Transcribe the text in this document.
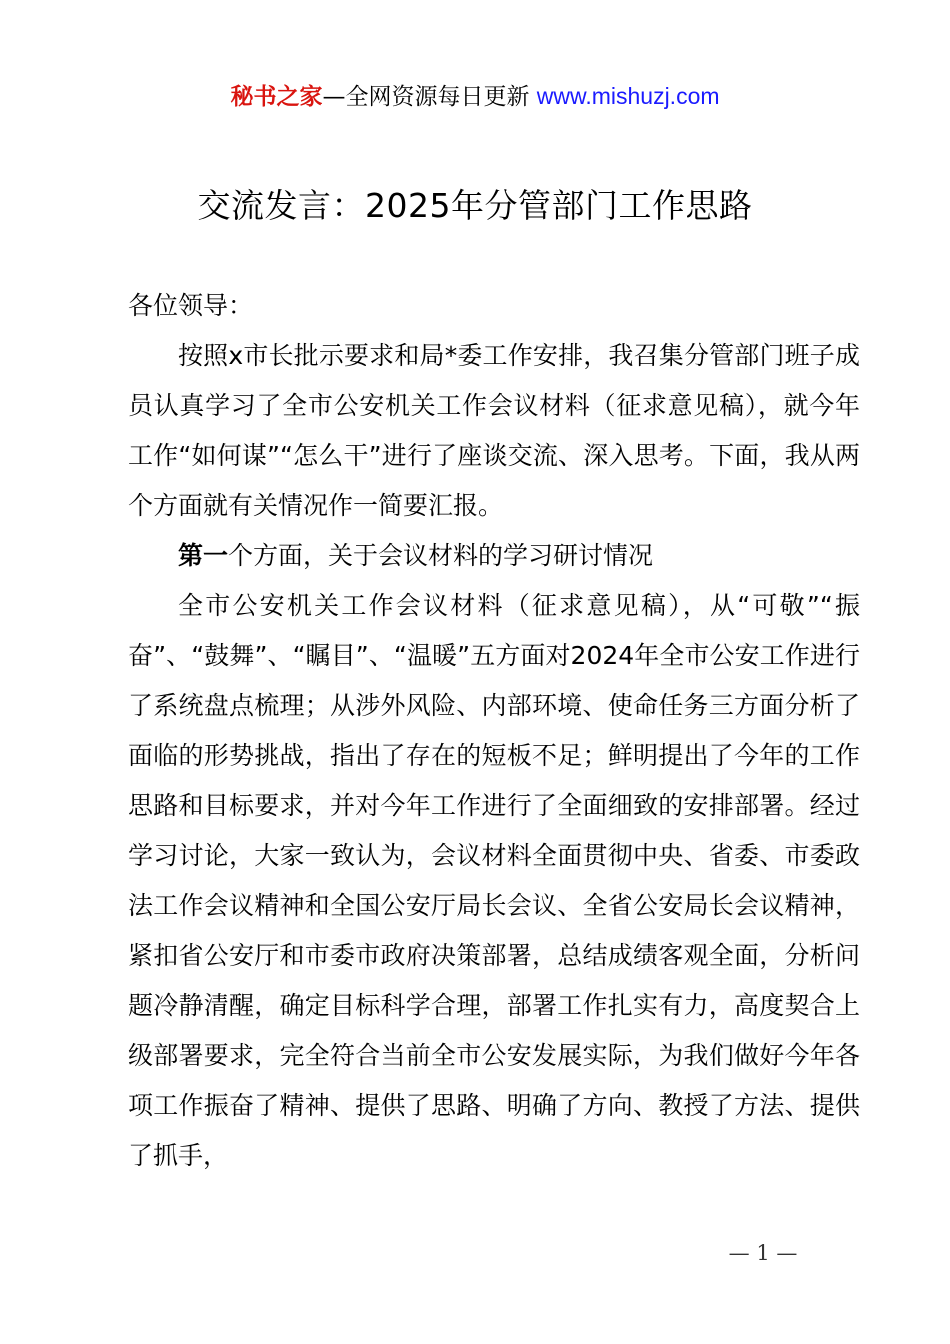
秘书之家—全网资源每日更新 www.mishuzj.com
交流发言：2025年分管部门工作思路

各位领导：

按照x市长批示要求和局*委工作安排，我召集分管部门班子成员认真学习了全市公安机关工作会议材料（征求意见稿），就今年工作“如何谋”“怎么干”进行了座谈交流、深入思考。下面，我从两个方面就有关情况作一简要汇报。

第一个方面，关于会议材料的学习研讨情况

全市公安机关工作会议材料（征求意见稿），从“可敬”“振奋”、“鼓舞”、“瞩目”、“温暖”五方面对2024年全市公安工作进行了系统盘点梳理；从涉外风险、内部环境、使命任务三方面分析了面临的形势挑战，指出了存在的短板不足；鲜明提出了今年的工作思路和目标要求，并对今年工作进行了全面细致的安排部署。经过学习讨论，大家一致认为，会议材料全面贯彻中央、省委、市委政法工作会议精神和全国公安厅局长会议、全省公安局长会议精神，紧扣省公安厅和市委市政府决策部署，总结成绩客观全面，分析问题冷静清醒，确定目标科学合理，部署工作扎实有力，高度契合上级部署要求，完全符合当前全市公安发展实际，为我们做好今年各项工作振奋了精神、提供了思路、明确了方向、教授了方法、提供了抓手，

— 1 —
